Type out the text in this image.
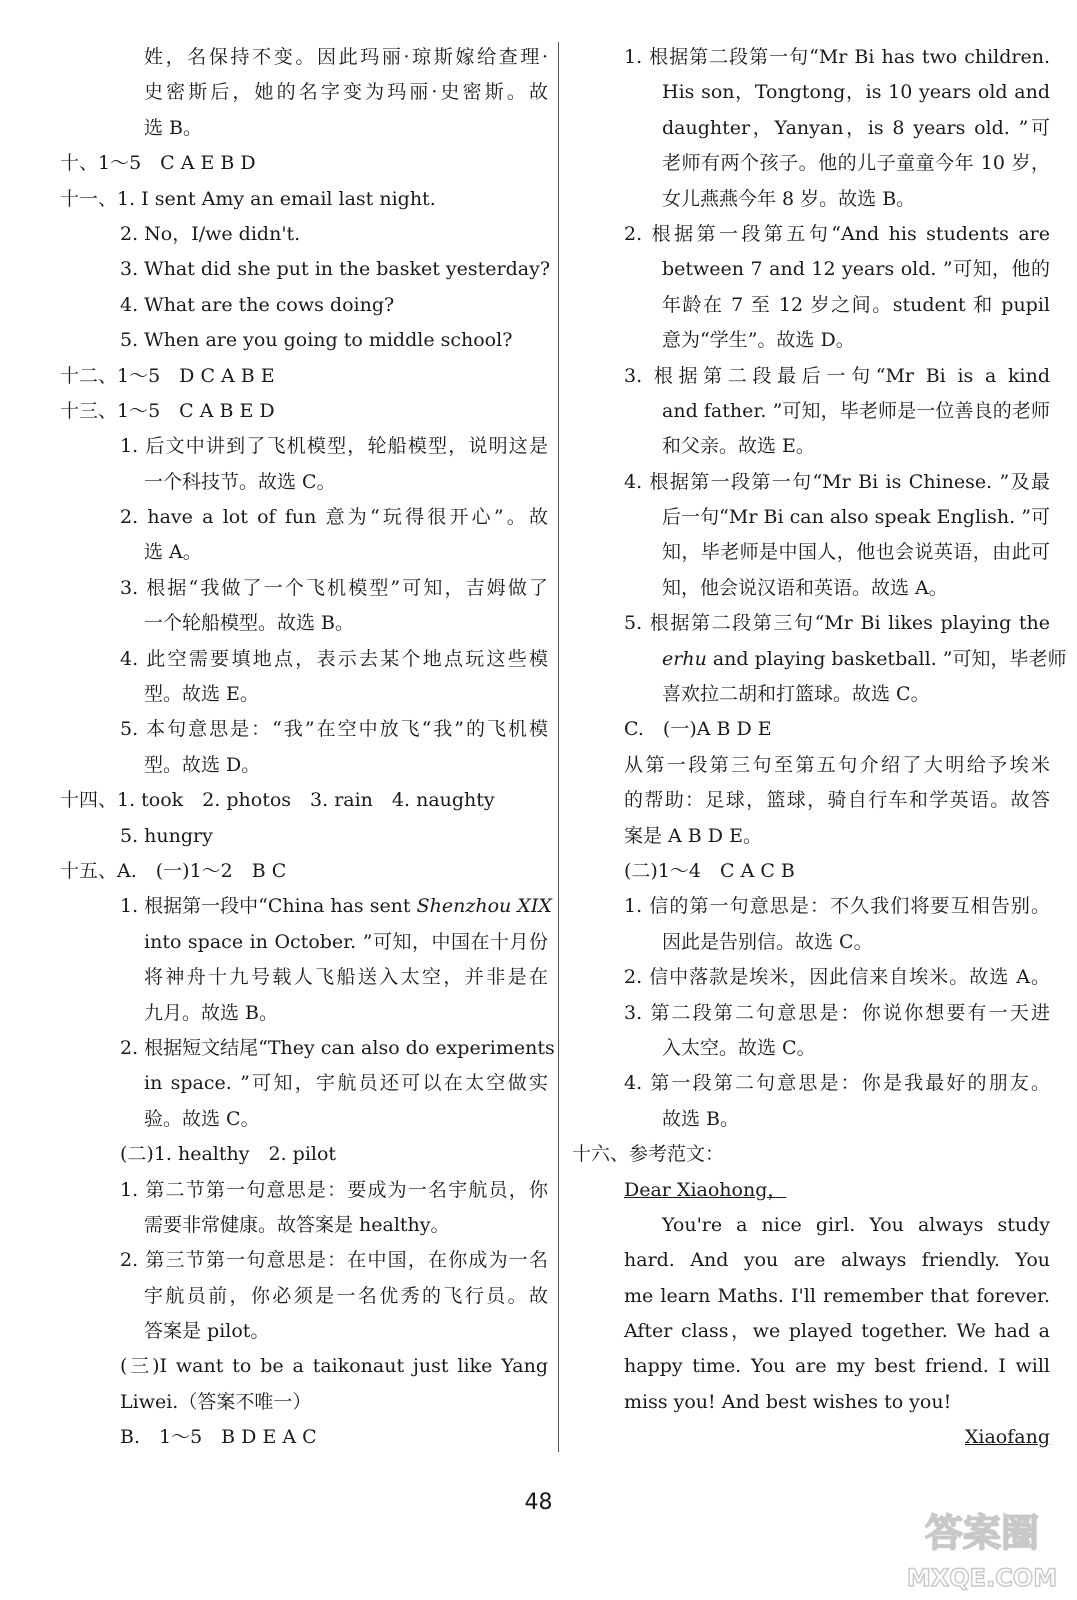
姓，名保持不变。因此玛丽·琼斯嫁给查理·
史密斯后，她的名字变为玛丽·史密斯。故
选 B。
十、1～5　C A E B D
十一、1. I sent Amy an email last night.
2. No，I/we didn't.
3. What did she put in the basket yesterday?
4. What are the cows doing?
5. When are you going to middle school?
十二、1～5　D C A B E
十三、1～5　C A B E D
1. 后文中讲到了飞机模型，轮船模型，说明这是
一个科技节。故选 C。
2. have a lot of fun 意为“玩得很开心”。故
选 A。
3. 根据“我做了一个飞机模型”可知，吉姆做了
一个轮船模型。故选 B。
4. 此空需要填地点，表示去某个地点玩这些模
型。故选 E。
5. 本句意思是：“我”在空中放飞“我”的飞机模
型。故选 D。
十四、1. took　2. photos　3. rain　4. naughty
5. hungry
十五、A.　(一)1～2　B C
1. 根据第一段中“China has sent Shenzhou XIX
into space in October. ”可知，中国在十月份
将神舟十九号载人飞船送入太空，并非是在
九月。故选 B。
2. 根据短文结尾“They can also do experiments
in space. ”可知，宇航员还可以在太空做实
验。故选 C。
(二)1. healthy　2. pilot
1. 第二节第一句意思是：要成为一名宇航员，你
需要非常健康。故答案是 healthy。
2. 第三节第一句意思是：在中国，在你成为一名
宇航员前，你必须是一名优秀的飞行员。故
答案是 pilot。
(三)I want to be a taikonaut just like Yang
Liwei.（答案不唯一）
B.　1～5　B D E A C
1. 根据第二段第一句“Mr Bi has two children.
His son，Tongtong，is 10 years old and
daughter，Yanyan，is 8 years old. ”可
老师有两个孩子。他的儿子童童今年 10 岁，
女儿燕燕今年 8 岁。故选 B。
2. 根据第一段第五句“And his students are
between 7 and 12 years old. ”可知，他的
年龄在 7 至 12 岁之间。student 和 pupil
意为“学生”。故选 D。
3. 根据第二段最后一句“Mr Bi is a kind
and father. ”可知，毕老师是一位善良的老师
和父亲。故选 E。
4. 根据第一段第一句“Mr Bi is Chinese. ”及最
后一句“Mr Bi can also speak English. ”可
知，毕老师是中国人，他也会说英语，由此可
知，他会说汉语和英语。故选 A。
5. 根据第二段第三句“Mr Bi likes playing the
erhu and playing basketball. ”可知，毕老师
喜欢拉二胡和打篮球。故选 C。
C.　(一)A B D E
从第一段第三句至第五句介绍了大明给予埃米
的帮助：足球，篮球，骑自行车和学英语。故答
案是 A B D E。
(二)1～4　C A C B
1. 信的第一句意思是：不久我们将要互相告别。
因此是告别信。故选 C。
2. 信中落款是埃米，因此信来自埃米。故选 A。
3. 第二段第二句意思是：你说你想要有一天进
入太空。故选 C。
4. 第一段第二句意思是：你是我最好的朋友。
故选 B。
十六、参考范文：
Dear Xiaohong，
You're a nice girl. You always study
hard. And you are always friendly. You
me learn Maths. I'll remember that forever.
After class，we played together. We had a
happy time. You are my best friend. I will
miss you! And best wishes to you!
Xiaofang
48
答案圈
MXQE.COM
